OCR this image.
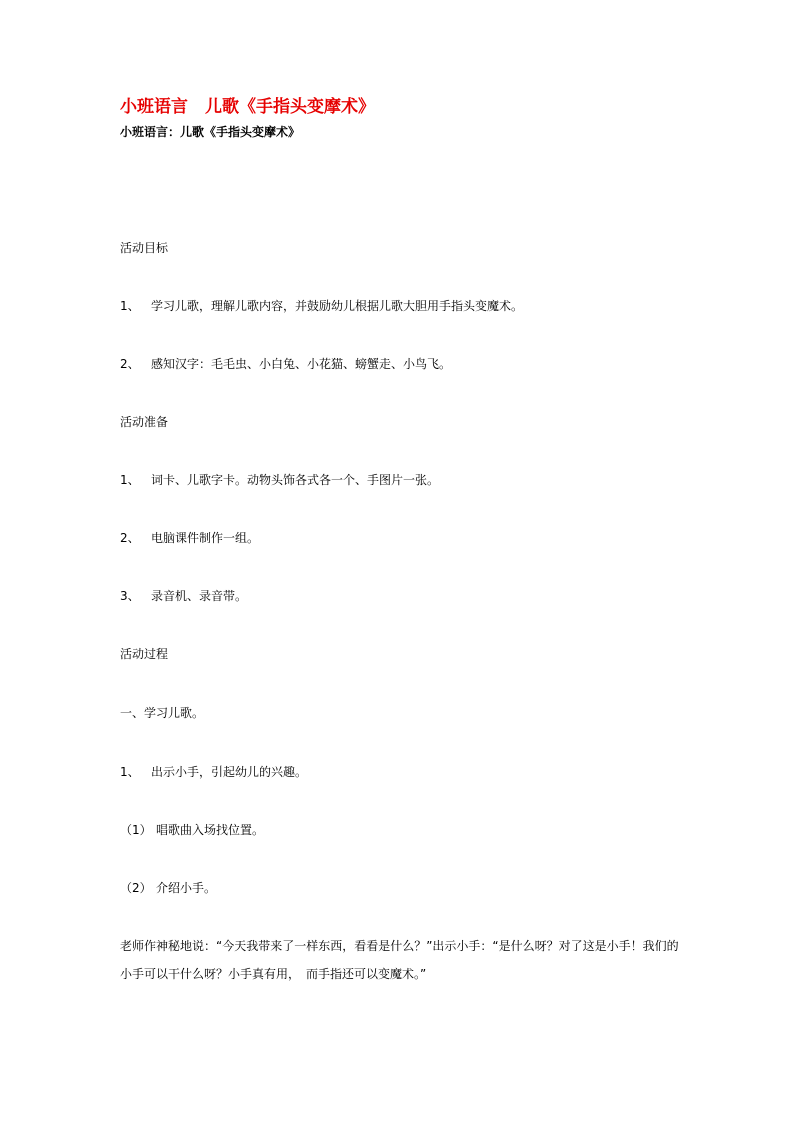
小班语言　儿歌《手指头变摩术》
小班语言：儿歌《手指头变摩术》
活动目标
1、 学习儿歌，理解儿歌内容，并鼓励幼儿根据儿歌大胆用手指头变魔术。
2、 感知汉字：毛毛虫、小白兔、小花猫、螃蟹走、小鸟飞。
活动准备
1、 词卡、儿歌字卡。动物头饰各式各一个、手图片一张。
2、 电脑课件制作一组。
3、 录音机、录音带。
活动过程
一、学习儿歌。
1、 出示小手，引起幼儿的兴趣。
（1） 唱歌曲入场找位置。
（2） 介绍小手。
老师作神秘地说：“今天我带来了一样东西，看看是什么？”出示小手：“是什么呀？对了这是小手！我们的小手可以干什么呀？小手真有用，　而手指还可以变魔术。”
